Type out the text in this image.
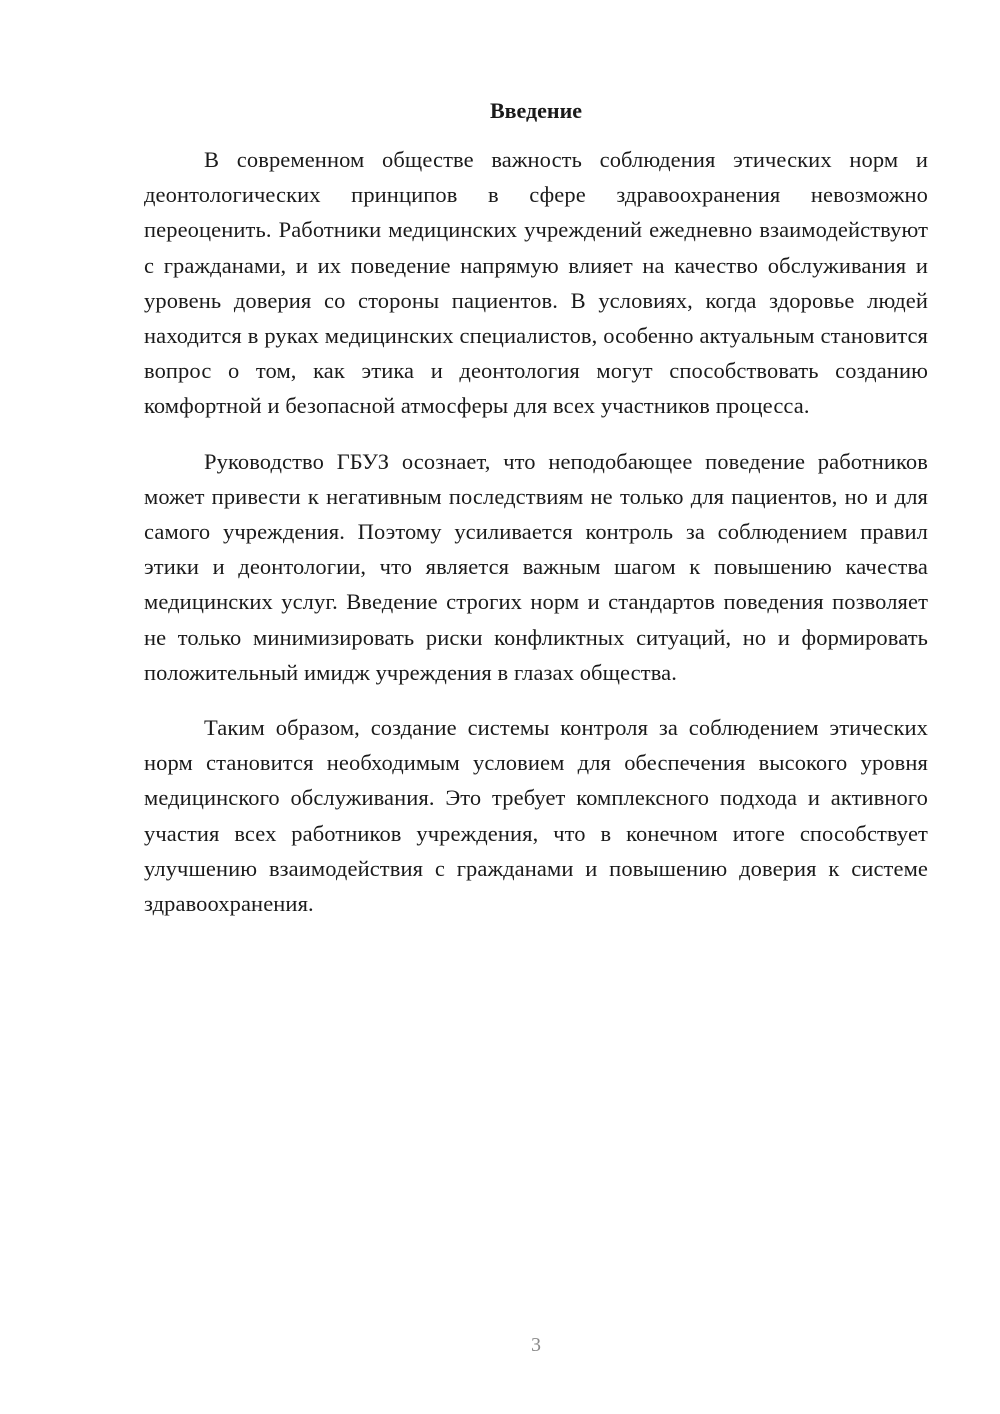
Введение

В современном обществе важность соблюдения этических норм и деонтологических принципов в сфере здравоохранения невозможно переоценить. Работники медицинских учреждений ежедневно взаимодействуют с гражданами, и их поведение напрямую влияет на качество обслуживания и уровень доверия со стороны пациентов. В условиях, когда здоровье людей находится в руках медицинских специалистов, особенно актуальным становится вопрос о том, как этика и деонтология могут способствовать созданию комфортной и безопасной атмосферы для всех участников процесса.

Руководство ГБУЗ осознает, что неподобающее поведение работников может привести к негативным последствиям не только для пациентов, но и для самого учреждения. Поэтому усиливается контроль за соблюдением правил этики и деонтологии, что является важным шагом к повышению качества медицинских услуг. Введение строгих норм и стандартов поведения позволяет не только минимизировать риски конфликтных ситуаций, но и формировать положительный имидж учреждения в глазах общества.

Таким образом, создание системы контроля за соблюдением этических норм становится необходимым условием для обеспечения высокого уровня медицинского обслуживания. Это требует комплексного подхода и активного участия всех работников учреждения, что в конечном итоге способствует улучшению взаимодействия с гражданами и повышению доверия к системе здравоохранения.

3
